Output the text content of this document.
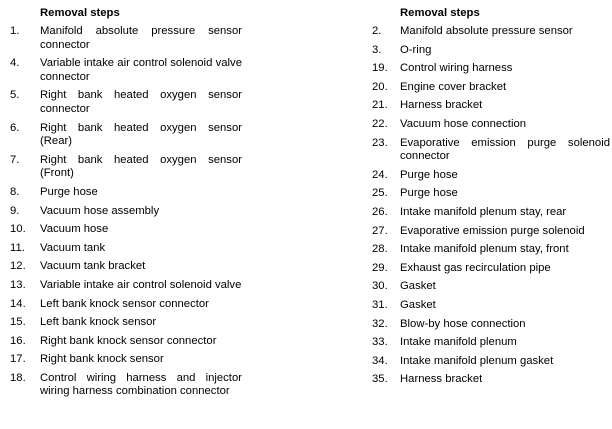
Removal steps
1.	Manifold absolute pressure sensor connector
4.	Variable intake air control solenoid valve connector
5.	Right bank heated oxygen sensor connector
6.	Right bank heated oxygen sensor (Rear)
7.	Right bank heated oxygen sensor (Front)
8.	Purge hose
9.	Vacuum hose assembly
10.	Vacuum hose
11.	Vacuum tank
12.	Vacuum tank bracket
13.	Variable intake air control solenoid valve
14.	Left bank knock sensor connector
15.	Left bank knock sensor
16.	Right bank knock sensor connector
17.	Right bank knock sensor
18.	Control wiring harness and injector wiring harness combination connector
Removal steps
2.	Manifold absolute pressure sensor
3.	O-ring
19.	Control wiring harness
20.	Engine cover bracket
21.	Harness bracket
22.	Vacuum hose connection
23.	Evaporative emission purge solenoid connector
24.	Purge hose
25.	Purge hose
26.	Intake manifold plenum stay, rear
27.	Evaporative emission purge solenoid
28.	Intake manifold plenum stay, front
29.	Exhaust gas recirculation pipe
30.	Gasket
31.	Gasket
32.	Blow-by hose connection
33.	Intake manifold plenum
34.	Intake manifold plenum gasket
35.	Harness bracket
